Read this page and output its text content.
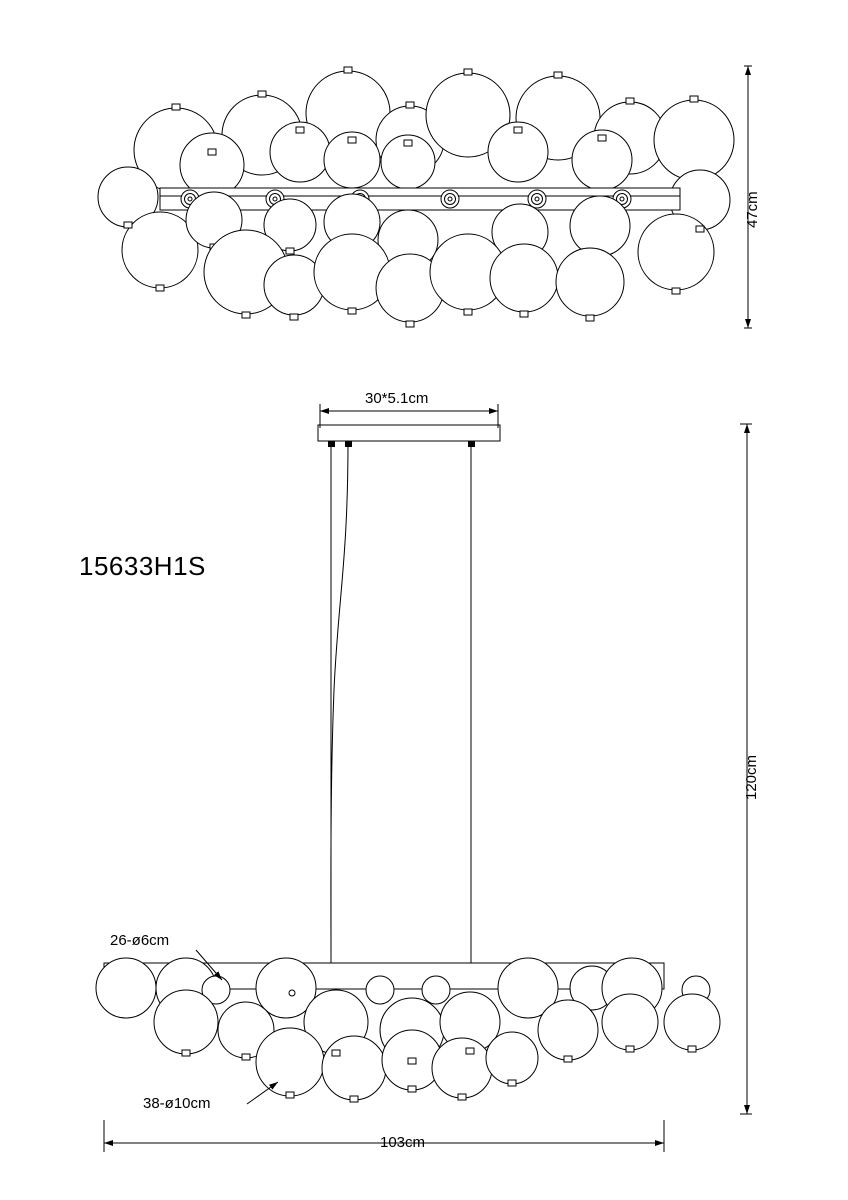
15633H1S
47cm
30*5.1cm
120cm
103cm
26-ø6cm
38-ø10cm
